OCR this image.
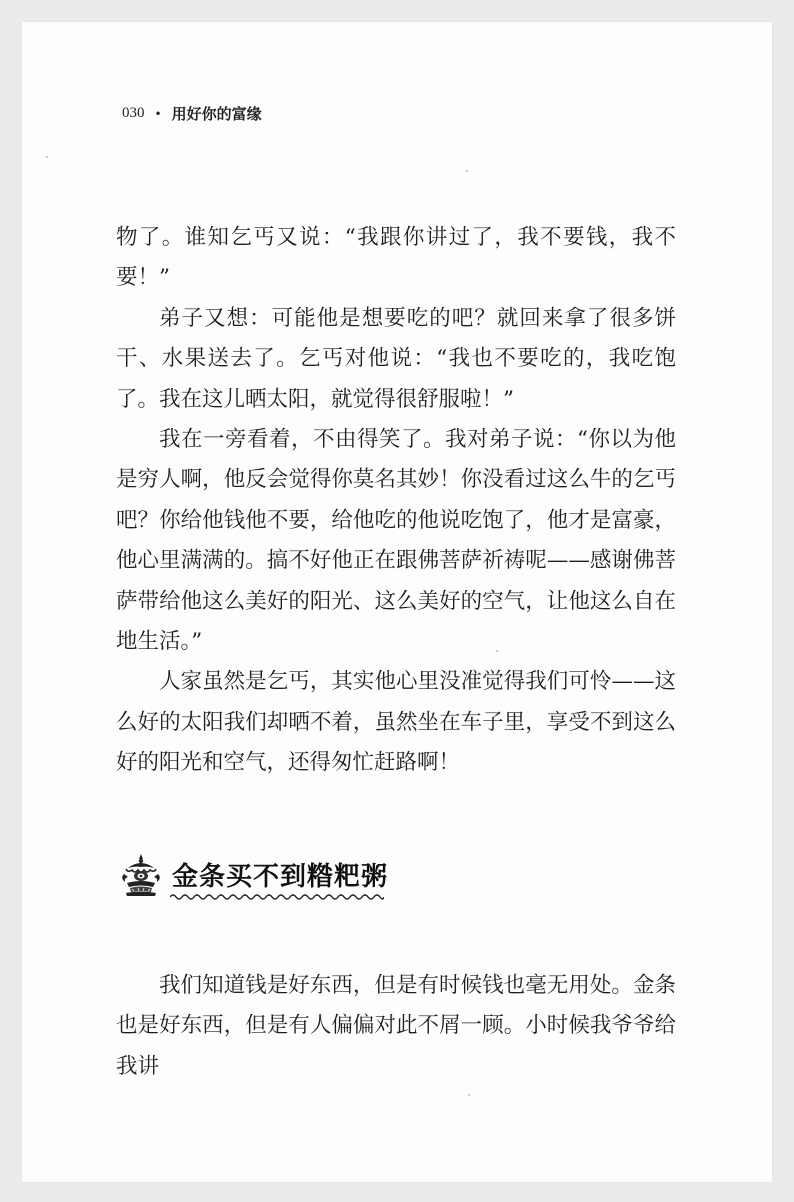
030 • 用好你的富缘

物了。谁知乞丐又说：“我跟你讲过了，我不要钱，我不要！”

弟子又想：可能他是想要吃的吧？就回来拿了很多饼干、水果送去了。乞丐对他说：“我也不要吃的，我吃饱了。我在这儿晒太阳，就觉得很舒服啦！”

我在一旁看着，不由得笑了。我对弟子说：“你以为他是穷人啊，他反会觉得你莫名其妙！你没看过这么牛的乞丐吧？你给他钱他不要，给他吃的他说吃饱了，他才是富豪，他心里满满的。搞不好他正在跟佛菩萨祈祷呢——感谢佛菩萨带给他这么美好的阳光、这么美好的空气，让他这么自在地生活。”

人家虽然是乞丐，其实他心里没准觉得我们可怜——这么好的太阳我们却晒不着，虽然坐在车子里，享受不到这么好的阳光和空气，还得匆忙赶路啊！

金条买不到糌粑粥

我们知道钱是好东西，但是有时候钱也毫无用处。金条也是好东西，但是有人偏偏对此不屑一顾。小时候我爷爷给我讲
